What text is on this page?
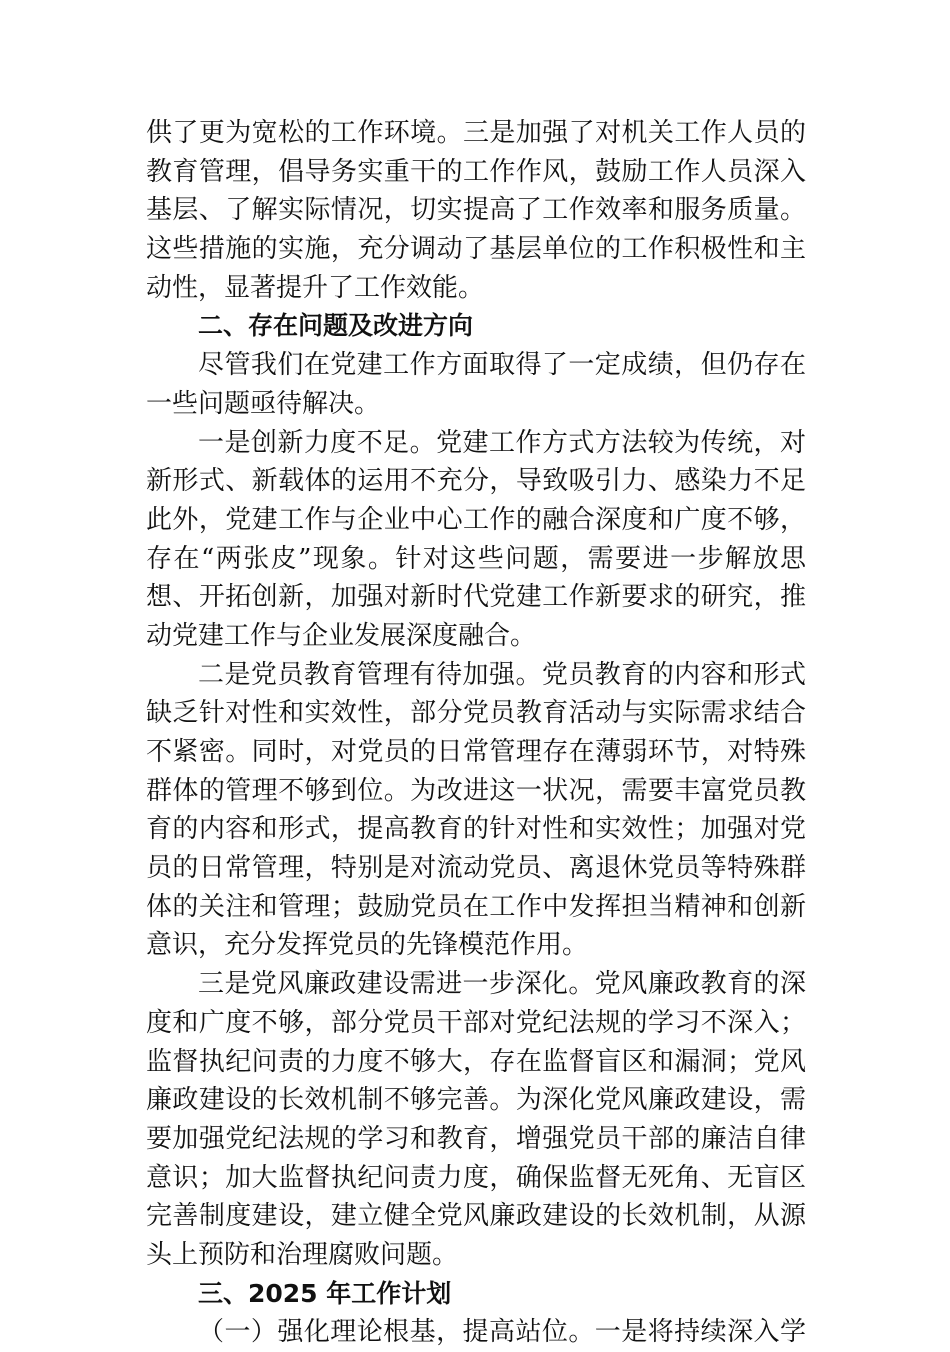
供了更为宽松的工作环境。三是加强了对机关工作人员的
教育管理，倡导务实重干的工作作风，鼓励工作人员深入
基层、了解实际情况，切实提高了工作效率和服务质量。
这些措施的实施，充分调动了基层单位的工作积极性和主
动性，显著提升了工作效能。
二、存在问题及改进方向
尽管我们在党建工作方面取得了一定成绩，但仍存在
一些问题亟待解决。
一是创新力度不足。党建工作方式方法较为传统，对
新形式、新载体的运用不充分，导致吸引力、感染力不足
此外，党建工作与企业中心工作的融合深度和广度不够，
存在“两张皮”现象。针对这些问题，需要进一步解放思
想、开拓创新，加强对新时代党建工作新要求的研究，推
动党建工作与企业发展深度融合。
二是党员教育管理有待加强。党员教育的内容和形式
缺乏针对性和实效性，部分党员教育活动与实际需求结合
不紧密。同时，对党员的日常管理存在薄弱环节，对特殊
群体的管理不够到位。为改进这一状况，需要丰富党员教
育的内容和形式，提高教育的针对性和实效性；加强对党
员的日常管理，特别是对流动党员、离退休党员等特殊群
体的关注和管理；鼓励党员在工作中发挥担当精神和创新
意识，充分发挥党员的先锋模范作用。
三是党风廉政建设需进一步深化。党风廉政教育的深
度和广度不够，部分党员干部对党纪法规的学习不深入；
监督执纪问责的力度不够大，存在监督盲区和漏洞；党风
廉政建设的长效机制不够完善。为深化党风廉政建设，需
要加强党纪法规的学习和教育，增强党员干部的廉洁自律
意识；加大监督执纪问责力度，确保监督无死角、无盲区
完善制度建设，建立健全党风廉政建设的长效机制，从源
头上预防和治理腐败问题。
三、2025 年工作计划
（一）强化理论根基，提高站位。一是将持续深入学
